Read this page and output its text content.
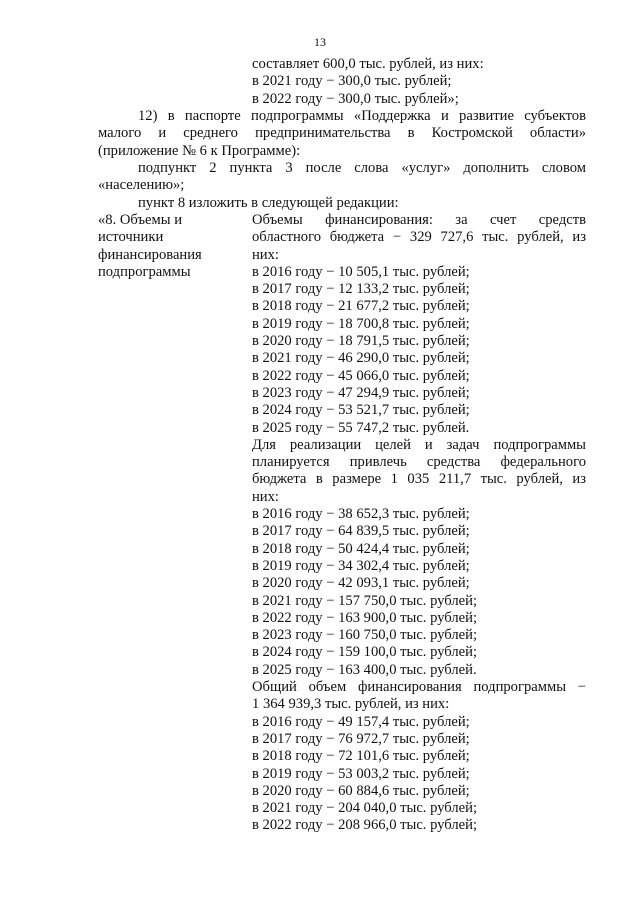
13
составляет 600,0 тыс. рублей, из них:
в 2021 году − 300,0 тыс. рублей;
в 2022 году − 300,0 тыс. рублей»;
12) в паспорте подпрограммы «Поддержка и развитие субъектов
малого и среднего предпринимательства в Костромской области»
(приложение № 6 к Программе):
подпункт 2 пункта 3 после слова «услуг» дополнить словом
«населению»;
пункт 8 изложить в следующей редакции:
«8. Объемы и
источники
финансирования
подпрограммы
Объемы финансирования: за счет средств
областного бюджета − 329 727,6 тыс. рублей, из
них:
в 2016 году − 10 505,1 тыс. рублей;
в 2017 году − 12 133,2 тыс. рублей;
в 2018 году − 21 677,2 тыс. рублей;
в 2019 году − 18 700,8 тыс. рублей;
в 2020 году − 18 791,5 тыс. рублей;
в 2021 году − 46 290,0 тыс. рублей;
в 2022 году − 45 066,0 тыс. рублей;
в 2023 году − 47 294,9 тыс. рублей;
в 2024 году − 53 521,7 тыс. рублей;
в 2025 году − 55 747,2 тыс. рублей.
Для реализации целей и задач подпрограммы
планируется привлечь средства федерального
бюджета в размере 1 035 211,7 тыс. рублей, из
них:
в 2016 году − 38 652,3 тыс. рублей;
в 2017 году − 64 839,5 тыс. рублей;
в 2018 году − 50 424,4 тыс. рублей;
в 2019 году − 34 302,4 тыс. рублей;
в 2020 году − 42 093,1 тыс. рублей;
в 2021 году − 157 750,0 тыс. рублей;
в 2022 году − 163 900,0 тыс. рублей;
в 2023 году − 160 750,0 тыс. рублей;
в 2024 году − 159 100,0 тыс. рублей;
в 2025 году − 163 400,0 тыс. рублей.
Общий объем финансирования подпрограммы −
1 364 939,3 тыс. рублей, из них:
в 2016 году − 49 157,4 тыс. рублей;
в 2017 году − 76 972,7 тыс. рублей;
в 2018 году − 72 101,6 тыс. рублей;
в 2019 году − 53 003,2 тыс. рублей;
в 2020 году − 60 884,6 тыс. рублей;
в 2021 году − 204 040,0 тыс. рублей;
в 2022 году − 208 966,0 тыс. рублей;
